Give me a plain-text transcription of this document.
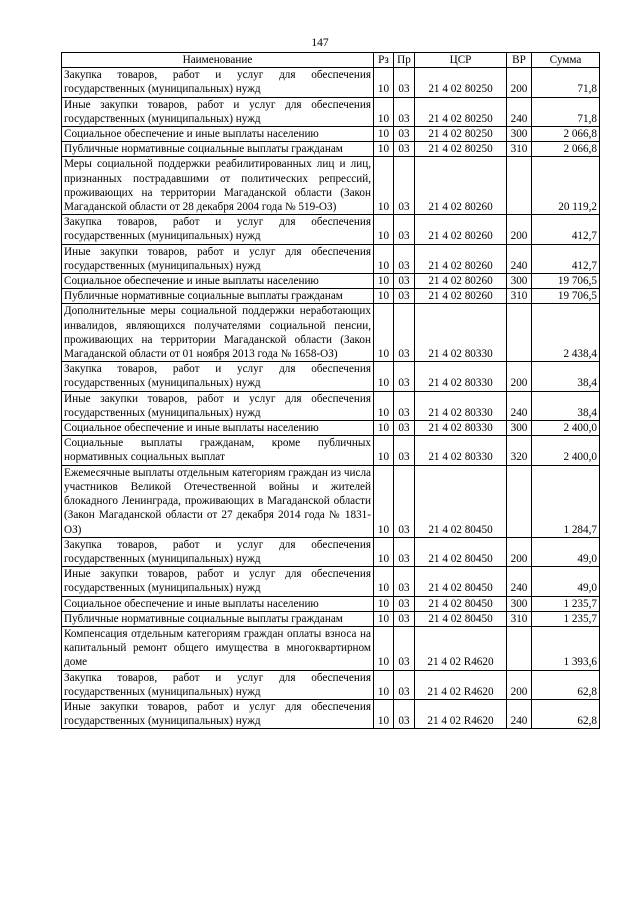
147
Наименование	Рз	Пр	ЦСР	ВР	Сумма
Закупка товаров, работ и услуг для обеспечения государственных (муниципальных) нужд	10	03	21 4 02 80250	200	71,8
Иные закупки товаров, работ и услуг для обеспечения государственных (муниципальных) нужд	10	03	21 4 02 80250	240	71,8
Социальное обеспечение и иные выплаты населению	10	03	21 4 02 80250	300	2 066,8
Публичные нормативные социальные выплаты гражданам	10	03	21 4 02 80250	310	2 066,8
Меры социальной поддержки реабилитированных лиц и лиц, признанных пострадавшими от политических репрессий, проживающих на территории Магаданской области (Закон Магаданской области от 28 декабря 2004 года № 519-ОЗ)	10	03	21 4 02 80260		20 119,2
Закупка товаров, работ и услуг для обеспечения государственных (муниципальных) нужд	10	03	21 4 02 80260	200	412,7
Иные закупки товаров, работ и услуг для обеспечения государственных (муниципальных) нужд	10	03	21 4 02 80260	240	412,7
Социальное обеспечение и иные выплаты населению	10	03	21 4 02 80260	300	19 706,5
Публичные нормативные социальные выплаты гражданам	10	03	21 4 02 80260	310	19 706,5
Дополнительные меры социальной поддержки неработающих инвалидов, являющихся получателями социальной пенсии, проживающих на территории Магаданской области (Закон Магаданской области от 01 ноября 2013 года № 1658-ОЗ)	10	03	21 4 02 80330		2 438,4
Закупка товаров, работ и услуг для обеспечения государственных (муниципальных) нужд	10	03	21 4 02 80330	200	38,4
Иные закупки товаров, работ и услуг для обеспечения государственных (муниципальных) нужд	10	03	21 4 02 80330	240	38,4
Социальное обеспечение и иные выплаты населению	10	03	21 4 02 80330	300	2 400,0
Социальные выплаты гражданам, кроме публичных нормативных социальных выплат	10	03	21 4 02 80330	320	2 400,0
Ежемесячные выплаты отдельным категориям граждан из числа участников Великой Отечественной войны и жителей блокадного Ленинграда, проживающих в Магаданской области (Закон Магаданской области от 27 декабря 2014 года № 1831-ОЗ)	10	03	21 4 02 80450		1 284,7
Закупка товаров, работ и услуг для обеспечения государственных (муниципальных) нужд	10	03	21 4 02 80450	200	49,0
Иные закупки товаров, работ и услуг для обеспечения государственных (муниципальных) нужд	10	03	21 4 02 80450	240	49,0
Социальное обеспечение и иные выплаты населению	10	03	21 4 02 80450	300	1 235,7
Публичные нормативные социальные выплаты гражданам	10	03	21 4 02 80450	310	1 235,7
Компенсация отдельным категориям граждан оплаты взноса на капитальный ремонт общего имущества в многоквартирном доме	10	03	21 4 02 R4620		1 393,6
Закупка товаров, работ и услуг для обеспечения государственных (муниципальных) нужд	10	03	21 4 02 R4620	200	62,8
Иные закупки товаров, работ и услуг для обеспечения государственных (муниципальных) нужд	10	03	21 4 02 R4620	240	62,8
